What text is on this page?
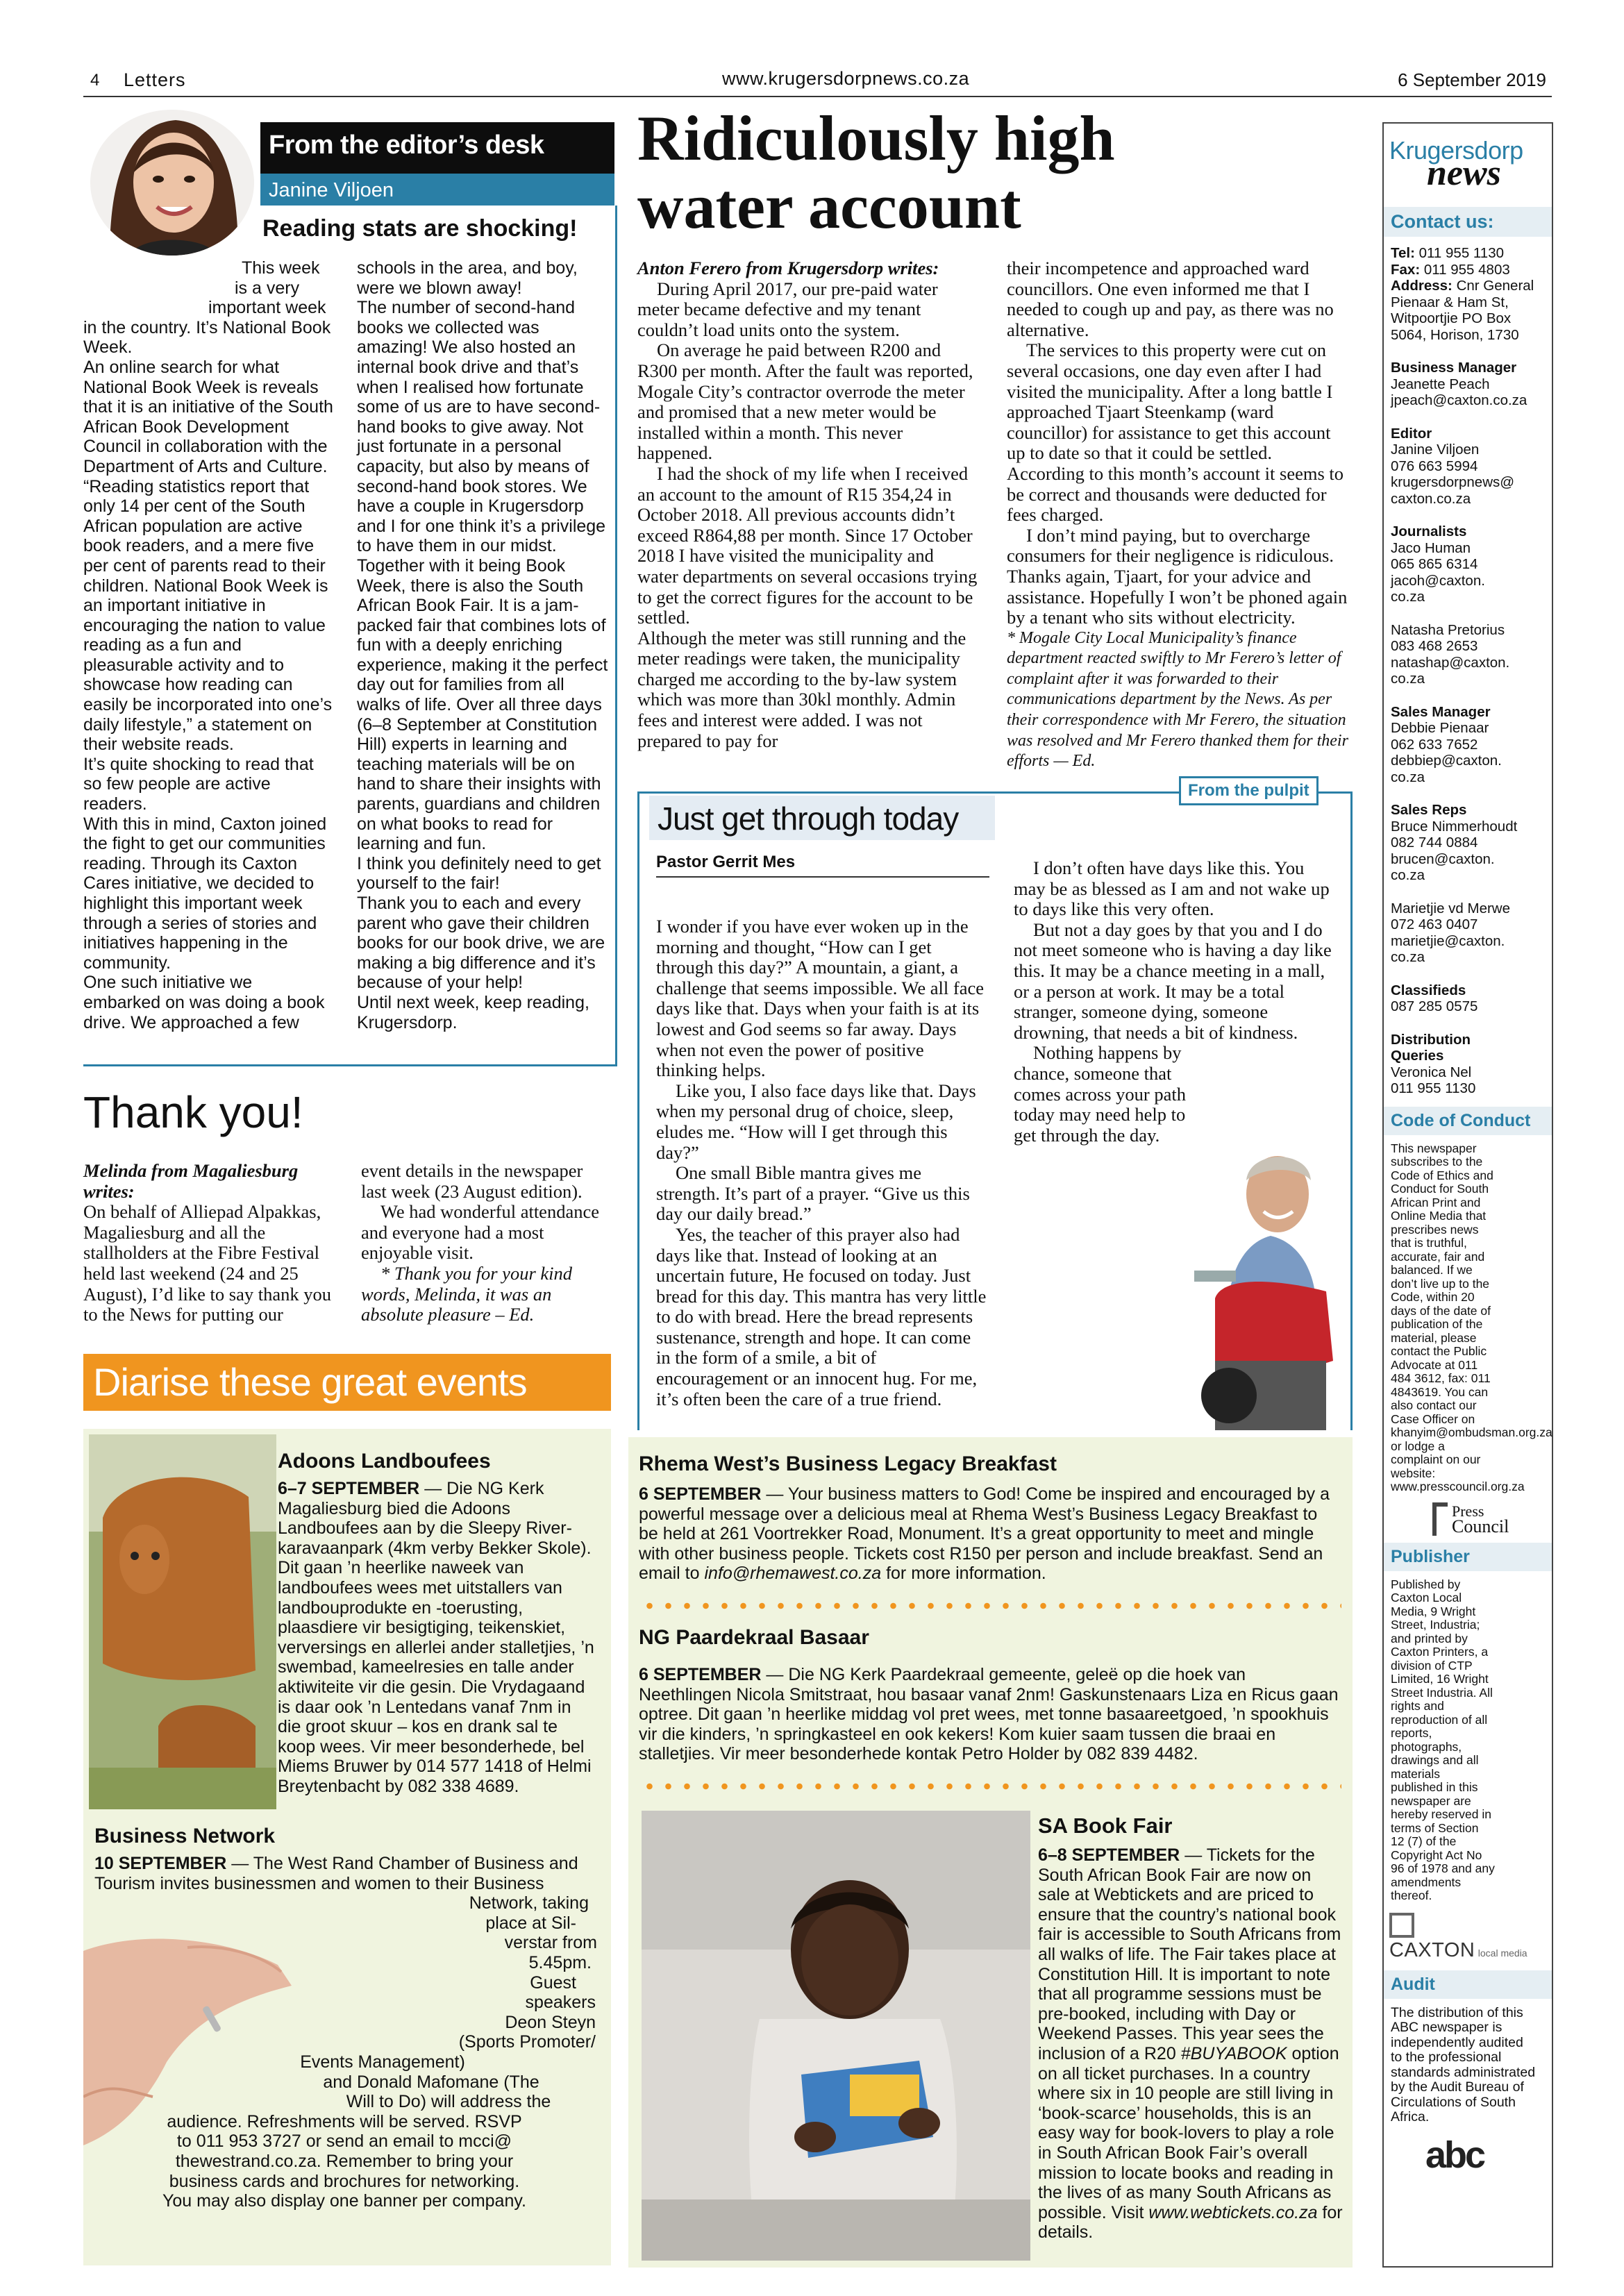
4 Letters	www.krugersdorpnews.co.za	6 September 2019
From the editor’s desk
Janine Viljoen
Reading stats are shocking!

This week

is a very

important week

in the country. It’s National Book Week.

An online search for what National Book Week is reveals that it is an initiative of the South African Book Development Council in collaboration with the Department of Arts and Culture. “Reading statistics report that only 14 per cent of the South African population are active book readers, and a mere five per cent of parents read to their children. National Book Week is an important initiative in encouraging the nation to value reading as a fun and pleasurable activity and to showcase how reading can easily be incorporated into one’s daily lifestyle,” a statement on their website reads.

It’s quite shocking to read that so few people are active readers.

With this in mind, Caxton joined the fight to get our communities reading. Through its Caxton Cares initiative, we decided to highlight this important week through a series of stories and initiatives happening in the community.

One such initiative we embarked on was doing a book drive. We approached a few

schools in the area, and boy, were we blown away!

The number of second-hand books we collected was amazing! We also hosted an internal book drive and that’s when I realised how fortunate some of us are to have second-hand books to give away. Not just fortunate in a personal capacity, but also by means of second-hand book stores. We have a couple in Krugersdorp and I for one think it’s a privilege to have them in our midst.

Together with it being Book Week, there is also the South African Book Fair. It is a jam-packed fair that combines lots of fun with a deeply enriching experience, making it the perfect day out for families from all walks of life. Over all three days (6–8 September at Constitution Hill) experts in learning and teaching materials will be on hand to share their insights with parents, guardians and children on what books to read for learning and fun.

I think you definitely need to get yourself to the fair!

Thank you to each and every parent who gave their children books for our book drive, we are making a big difference and it’s because of your help!

Until next week, keep reading, Krugersdorp.

Thank you!

Melinda from Magaliesburg writes:

On behalf of Alliepad Alpakkas, Magaliesburg and all the stallholders at the Fibre Festival held last weekend (24 and 25 August), I’d like to say thank you to the News for putting our

event details in the newspaper last week (23 August edition).

We had wonderful attendance and everyone had a most enjoyable visit.

* Thank you for your kind words, Melinda, it was an absolute pleasure – Ed.

Ridiculously high
water account

Anton Ferero from Krugersdorp writes:

During April 2017, our pre-paid water meter became defective and my tenant couldn’t load units onto the system.

On average he paid between R200 and R300 per month. After the fault was reported, Mogale City’s contractor overrode the meter and promised that a new meter would be installed within a month. This never happened.

I had the shock of my life when I received an account to the amount of R15 354,24 in October 2018. All previous accounts didn’t exceed R864,88 per month. Since 17 October 2018 I have visited the municipality and water departments on several occasions trying to get the correct figures for the account to be settled.

Although the meter was still running and the meter readings were taken, the municipality charged me according to the by-law system which was more than 30kl monthly. Admin fees and interest were added. I was not prepared to pay for

their incompetence and approached ward councillors. One even informed me that I needed to cough up and pay, as there was no alternative.

The services to this property were cut on several occasions, one day even after I had visited the municipality. After a long battle I approached Tjaart Steenkamp (ward councillor) for assistance to get this account up to date so that it could be settled. According to this month’s account it seems to be correct and thousands were deducted for fees charged.

I don’t mind paying, but to overcharge consumers for their negligence is ridiculous. Thanks again, Tjaart, for your advice and assistance. Hopefully I won’t be phoned again by a tenant who sits without electricity.

* Mogale City Local Municipality’s finance department reacted swiftly to Mr Ferero’s letter of complaint after it was forwarded to their communications department by the News. As per their correspondence with Mr Ferero, the situation was resolved and Mr Ferero thanked them for their efforts — Ed.

From the pulpit
Just get through today
Pastor Gerrit Mes

I wonder if you have ever woken up in the morning and thought, “How can I get through this day?” A mountain, a giant, a challenge that seems impossible. We all face days like that. Days when your faith is at its lowest and God seems so far away. Days when not even the power of positive thinking helps.

Like you, I also face days like that. Days when my personal drug of choice, sleep, eludes me. “How will I get through this day?”

One small Bible mantra gives me strength. It’s part of a prayer. “Give us this day our daily bread.”

Yes, the teacher of this prayer also had days like that. Instead of looking at an uncertain future, He focused on today. Just bread for this day. This mantra has very little to do with bread. Here the bread represents sustenance, strength and hope. It can come in the form of a smile, a bit of encouragement or an innocent hug. For me, it’s often been the care of a true friend.

I don’t often have days like this. You may be as blessed as I am and not wake up to days like this very often.

But not a day goes by that you and I do not meet someone who is having a day like this. It may be a chance meeting in a mall, or a person at work. It may be a total stranger, someone dying, someone drowning, that needs a bit of kindness.

Nothing happens by chance, someone that comes across your path today may need help to get through the day.

Diarise these great events
Adoons Landboufees
6–7 SEPTEMBER — Die NG Kerk Magaliesburg bied die Adoons Landboufees aan by die Sleepy River-karavaanpark (4km verby Bekker Skole). Dit gaan ’n heerlike naweek van landboufees wees met uitstallers van landbouprodukte en -toerusting, plaasdiere vir besigtiging, teikenskiet, verversings en allerlei ander stalletjies, ’n swembad, kameelresies en talle ander aktiwiteite vir die gesin. Die Vrydagaand is daar ook ’n Lentedans vanaf 7nm in die groot skuur – kos en drank sal te koop wees. Vir meer besonderhede, bel Miems Bruwer by 014 577 1418 of Helmi Breytenbacht by 082 338 4689.
Business Network
10 SEPTEMBER — The West Rand Chamber of Business and
Tourism invites businessmen and women to their Business
Network, taking
place at Sil-
verstar from
5.45pm.
Guest
speakers
Deon Steyn
(Sports Promoter/
Events Management)
and Donald Mafomane (The
Will to Do) will address the
audience. Refreshments will be served. RSVP
to 011 953 3727 or send an email to mcci@
thewestrand.co.za. Remember to bring your
business cards and brochures for networking.
You may also display one banner per company.
Rhema West’s Business Legacy Breakfast
6 SEPTEMBER — Your business matters to God! Come be inspired and encouraged by a powerful message over a delicious meal at Rhema West’s Business Legacy Breakfast to be held at 261 Voortrekker Road, Monument. It’s a great opportunity to meet and mingle with other business people. Tickets cost R150 per person and include breakfast. Send an email to info@rhemawest.co.za for more information.
NG Paardekraal Basaar
6 SEPTEMBER — Die NG Kerk Paardekraal gemeente, geleë op die hoek van Neethlingen Nicola Smitstraat, hou basaar vanaf 2nm! Gaskunstenaars Liza en Ricus gaan optree. Dit gaan ’n heerlike middag vol pret wees, met tonne basaareetgoed, ’n spookhuis vir die kinders, ’n springkasteel en ook kekers! Kom kuier saam tussen die braai en stalletjies. Vir meer besonderhede kontak Petro Holder by 082 839 4482.
SA Book Fair
6–8 SEPTEMBER — Tickets for the South African Book Fair are now on sale at Webtickets and are priced to ensure that the country’s national book fair is accessible to South Africans from all walks of life. The Fair takes place at Constitution Hill. It is important to note that all programme sessions must be pre-booked, including with Day or Weekend Passes. This year sees the inclusion of a R20 #BUYABOOK option on all ticket purchases. In a country where six in 10 people are still living in ‘book-scarce’ households, this is an easy way for book-lovers to play a role in South African Book Fair’s overall mission to locate books and reading in the lives of as many South Africans as possible. Visit www.webtickets.co.za for details.
Krugersdorp
news
Contact us:
Tel: 011 955 1130
Fax: 011 955 4803
Address: Cnr General Pienaar & Ham St, Witpoortjie PO Box 5064, Horison, 1730
Business Manager
Jeanette Peach
jpeach@caxton.co.za
Editor
Janine Viljoen
076 663 5994
krugersdorpnews@
caxton.co.za
Journalists
Jaco Human
065 865 6314
jacoh@caxton.
co.za
Natasha Pretorius
083 468 2653
natashap@caxton.
co.za
Sales Manager
Debbie Pienaar
062 633 7652
debbiep@caxton.
co.za
Sales Reps
Bruce Nimmerhoudt
082 744 0884
brucen@caxton.
co.za
Marietjie vd Merwe
072 463 0407
marietjie@caxton.
co.za
Classifieds
087 285 0575
Distribution Queries
Veronica Nel
011 955 1130
Code of Conduct
This newspaper subscribes to the Code of Ethics and Conduct for South African Print and Online Media that prescribes news that is truthful, accurate, fair and balanced. If we don’t live up to the Code, within 20 days of the date of publication of the material, please contact the Public Advocate at 011 484 3612, fax: 011 4843619. You can also contact our Case Officer on khanyim@ombudsman.org.za or lodge a complaint on our website: www.presscouncil.org.za
Press
Council
Publisher
Published by Caxton Local Media, 9 Wright Street, Industria; and printed by Caxton Printers, a division of CTP Limited, 16 Wright Street Industria. All rights and reproduction of all reports, photographs, drawings and all materials published in this newspaper are hereby reserved in terms of Section 12 (7) of the Copyright Act No 96 of 1978 and any amendments thereof.
CAXTON local media
Audit
The distribution of this ABC newspaper is independently audited to the professional standards administrated by the Audit Bureau of Circulations of South Africa.
abc
